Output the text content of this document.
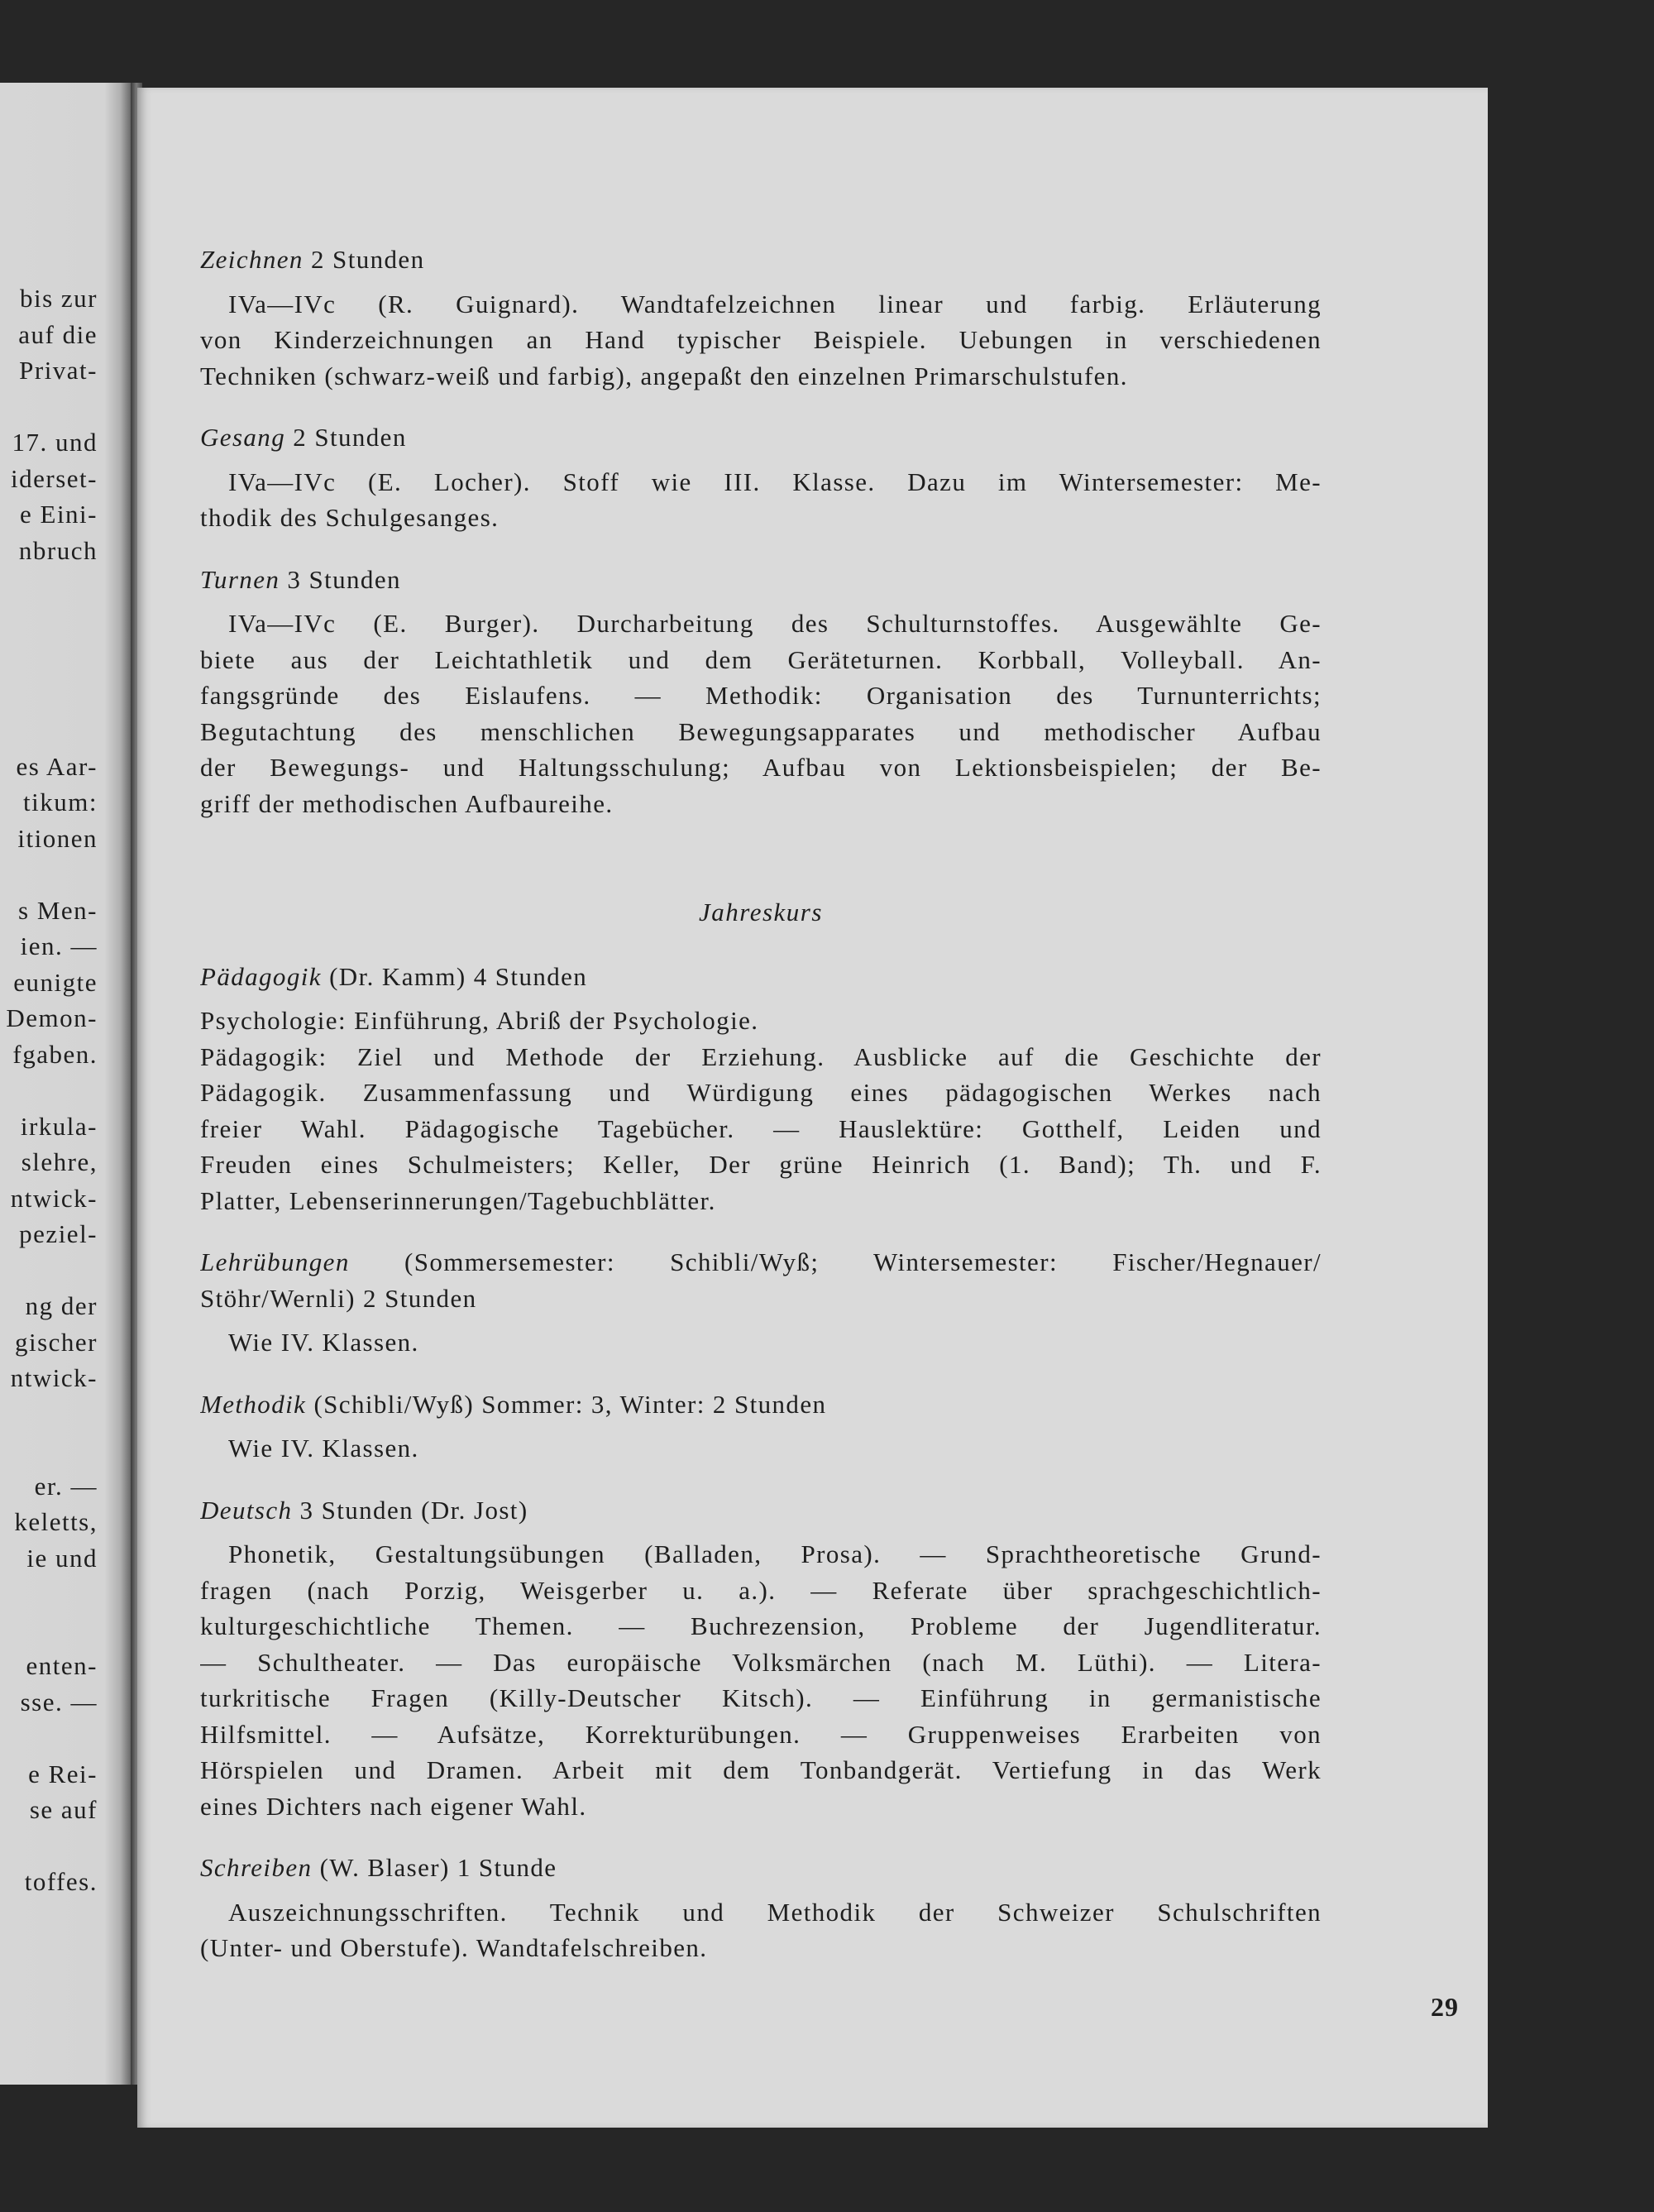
bis zur
auf die
Privat-
17. und
iderset-
e Eini-
nbruch
es Aar-
tikum:
itionen
s Men-
ien. —
eunigte
Demon-
fgaben.
irkula-
slehre,
ntwick-
peziel-
ng der
gischer
ntwick-
er. —
keletts,
ie und
enten-
sse. —
e Rei-
se auf
toffes.
Zeichnen 2 Stunden
IVa—IVc (R. Guignard). Wandtafelzeichnen linear und farbig. Erläuterung
von Kinderzeichnungen an Hand typischer Beispiele. Uebungen in verschiedenen
Techniken (schwarz-weiß und farbig), angepaßt den einzelnen Primarschulstufen.
Gesang 2 Stunden
IVa—IVc (E. Locher). Stoff wie III. Klasse. Dazu im Wintersemester: Me-
thodik des Schulgesanges.
Turnen 3 Stunden
IVa—IVc (E. Burger). Durcharbeitung des Schulturnstoffes. Ausgewählte Ge-
biete aus der Leichtathletik und dem Geräteturnen. Korbball, Volleyball. An-
fangsgründe des Eislaufens. — Methodik: Organisation des Turnunterrichts;
Begutachtung des menschlichen Bewegungsapparates und methodischer Aufbau
der Bewegungs- und Haltungsschulung; Aufbau von Lektionsbeispielen; der Be-
griff der methodischen Aufbaureihe.
Jahreskurs
Pädagogik (Dr. Kamm) 4 Stunden
Psychologie: Einführung, Abriß der Psychologie.
Pädagogik: Ziel und Methode der Erziehung. Ausblicke auf die Geschichte der
Pädagogik. Zusammenfassung und Würdigung eines pädagogischen Werkes nach
freier Wahl. Pädagogische Tagebücher. — Hauslektüre: Gotthelf, Leiden und
Freuden eines Schulmeisters; Keller, Der grüne Heinrich (1. Band); Th. und F.
Platter, Lebenserinnerungen/Tagebuchblätter.
Lehrübungen (Sommersemester: Schibli/Wyß; Wintersemester: Fischer/Hegnauer/
Stöhr/Wernli) 2 Stunden
Wie IV. Klassen.
Methodik (Schibli/Wyß) Sommer: 3, Winter: 2 Stunden
Wie IV. Klassen.
Deutsch 3 Stunden (Dr. Jost)
Phonetik, Gestaltungsübungen (Balladen, Prosa). — Sprachtheoretische Grund-
fragen (nach Porzig, Weisgerber u. a.). — Referate über sprachgeschichtlich-
kulturgeschichtliche Themen. — Buchrezension, Probleme der Jugendliteratur.
— Schultheater. — Das europäische Volksmärchen (nach M. Lüthi). — Litera-
turkritische Fragen (Killy-Deutscher Kitsch). — Einführung in germanistische
Hilfsmittel. — Aufsätze, Korrekturübungen. — Gruppenweises Erarbeiten von
Hörspielen und Dramen. Arbeit mit dem Tonbandgerät. Vertiefung in das Werk
eines Dichters nach eigener Wahl.
Schreiben (W. Blaser) 1 Stunde
Auszeichnungsschriften. Technik und Methodik der Schweizer Schulschriften
(Unter- und Oberstufe). Wandtafelschreiben.
29
